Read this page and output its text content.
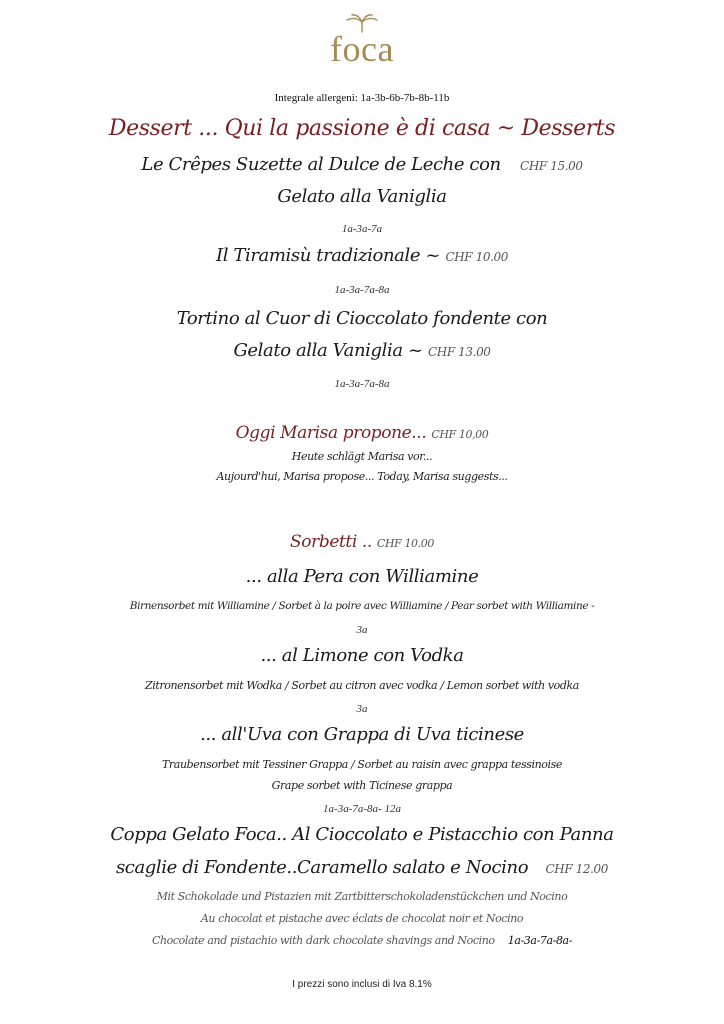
foca
Integrale allergeni: 1a-3b-6b-7b-8b-11b
Dessert ... Qui la passione è di casa ~ Desserts
Le Crêpes Suzette al Dulce de Leche con CHF 15.00
Gelato alla Vaniglia
1a-3a-7a
Il Tiramisù tradizionale ~ CHF 10.00
1a-3a-7a-8a
Tortino al Cuor di Cioccolato fondente con
Gelato alla Vaniglia ~ CHF 13.00
1a-3a-7a-8a
Oggi Marisa propone... CHF 10,00
Heute schlägt Marisa vor...
Aujourd'hui, Marisa propose... Today, Marisa suggests...
Sorbetti .. CHF 10.00
... alla Pera con Williamine
Birnensorbet mit Williamine / Sorbet à la poire avec Williamine / Pear sorbet with Williamine -
3a
... al Limone con Vodka
Zitronensorbet mit Wodka / Sorbet au citron avec vodka / Lemon sorbet with vodka
3a
... all'Uva con Grappa di Uva ticinese
Traubensorbet mit Tessiner Grappa / Sorbet au raisin avec grappa tessinoise
Grape sorbet with Ticinese grappa
1a-3a-7a-8a- 12a
Coppa Gelato Foca.. Al Cioccolato e Pistacchio con Panna
scaglie di Fondente..Caramello salato e Nocino CHF 12.00
Mit Schokolade und Pistazien mit Zartbitterschokoladenstückchen und Nocino
Au chocolat et pistache avec éclats de chocolat noir et Nocino
Chocolate and pistachio with dark chocolate shavings and Nocino 1a-3a-7a-8a-
I prezzi sono inclusi di Iva 8.1%
